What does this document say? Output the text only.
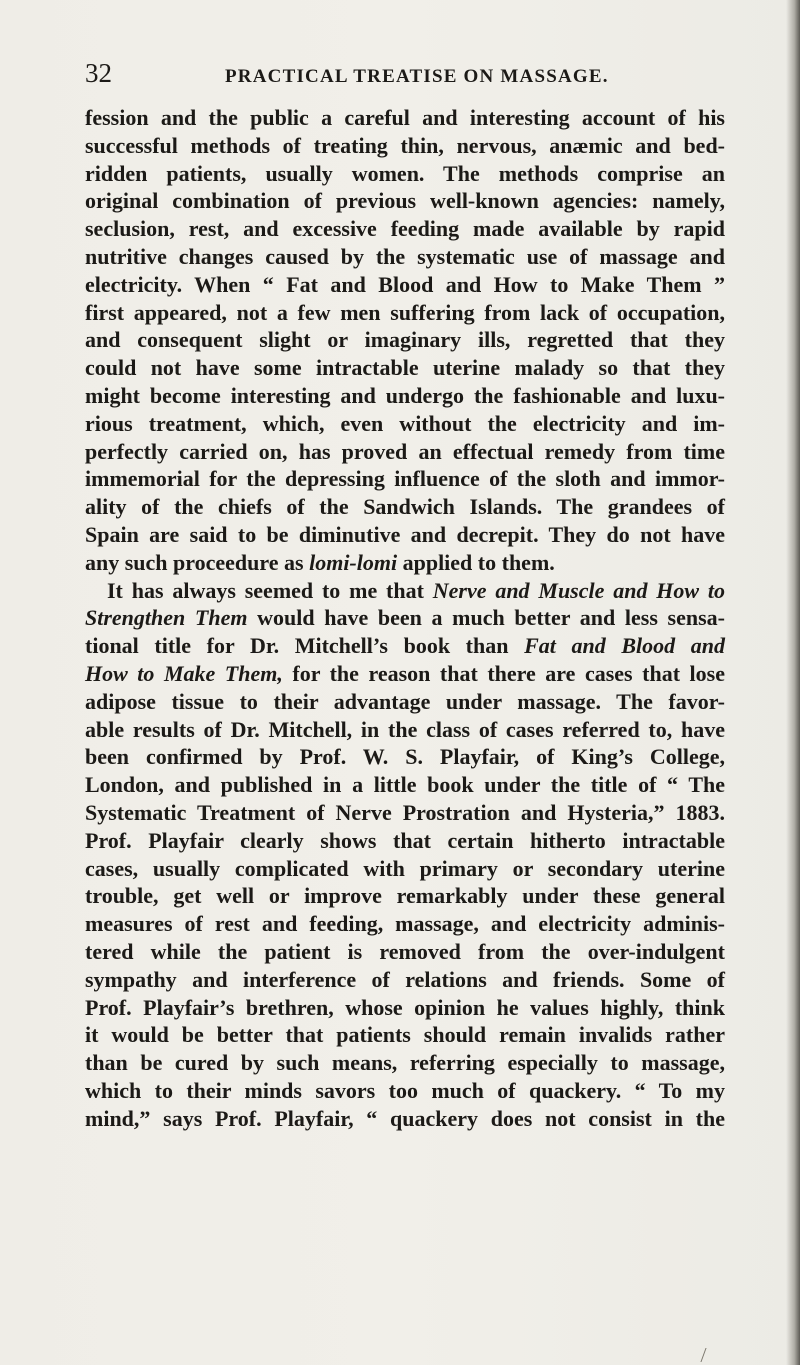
32	PRACTICAL TREATISE ON MASSAGE.
fession and the public a careful and interesting account of his
successful methods of treating thin, nervous, anæmic and bed-
ridden patients, usually women. The methods comprise an
original combination of previous well-known agencies: namely,
seclusion, rest, and excessive feeding made available by rapid
nutritive changes caused by the systematic use of massage and
electricity. When “ Fat and Blood and How to Make Them ”
first appeared, not a few men suffering from lack of occupation,
and consequent slight or imaginary ills, regretted that they
could not have some intractable uterine malady so that they
might become interesting and undergo the fashionable and luxu-
rious treatment, which, even without the electricity and im-
perfectly carried on, has proved an effectual remedy from time
immemorial for the depressing influence of the sloth and immor-
ality of the chiefs of the Sandwich Islands. The grandees of
Spain are said to be diminutive and decrepit. They do not have
any such proceedure as lomi-lomi applied to them.
 It has always seemed to me that Nerve and Muscle and How to
Strengthen Them would have been a much better and less sensa-
tional title for Dr. Mitchell’s book than Fat and Blood and
How to Make Them, for the reason that there are cases that lose
adipose tissue to their advantage under massage. The favor-
able results of Dr. Mitchell, in the class of cases referred to, have
been confirmed by Prof. W. S. Playfair, of King’s College,
London, and published in a little book under the title of “ The
Systematic Treatment of Nerve Prostration and Hysteria,” 1883.
Prof. Playfair clearly shows that certain hitherto intractable
cases, usually complicated with primary or secondary uterine
trouble, get well or improve remarkably under these general
measures of rest and feeding, massage, and electricity adminis-
tered while the patient is removed from the over-indulgent
sympathy and interference of relations and friends. Some of
Prof. Playfair’s brethren, whose opinion he values highly, think
it would be better that patients should remain invalids rather
than be cured by such means, referring especially to massage,
which to their minds savors too much of quackery. “ To my
mind,” says Prof. Playfair, “ quackery does not consist in the
